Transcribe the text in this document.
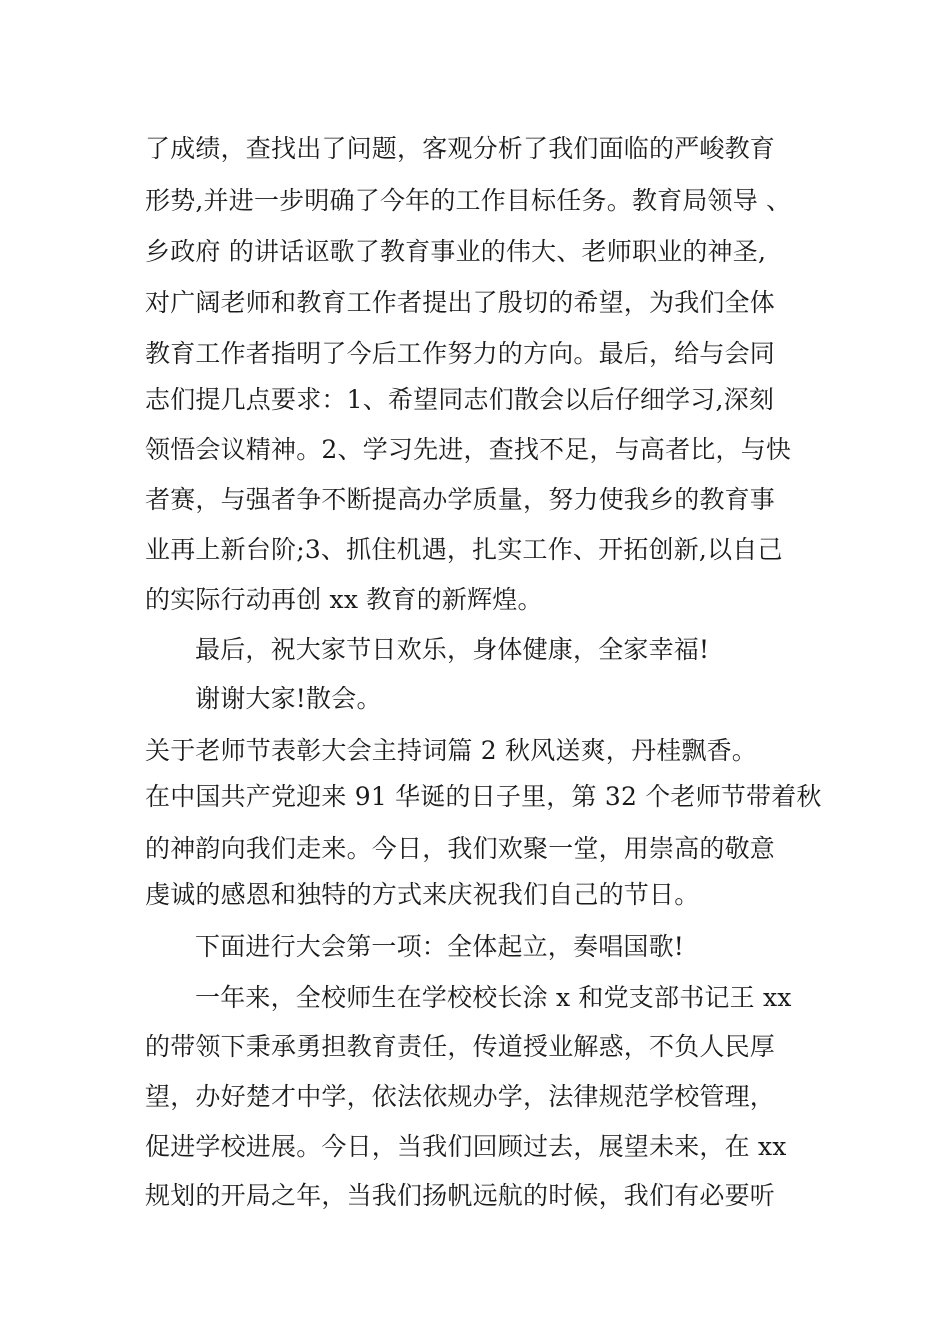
了成绩，查找出了问题，客观分析了我们面临的严峻教育
形势,并进一步明确了今年的工作目标任务。教育局领导 、
乡政府 的讲话讴歌了教育事业的伟大、老师职业的神圣,
对广阔老师和教育工作者提出了殷切的希望，为我们全体
教育工作者指明了今后工作努力的方向。最后，给与会同
志们提几点要求：1、希望同志们散会以后仔细学习,深刻
领悟会议精神。2、学习先进，查找不足，与高者比，与快
者赛，与强者争不断提高办学质量，努力使我乡的教育事
业再上新台阶;3、抓住机遇，扎实工作、开拓创新,以自己
的实际行动再创 xx 教育的新辉煌。
最后，祝大家节日欢乐，身体健康，全家幸福!
谢谢大家!散会。
关于老师节表彰大会主持词篇 2 秋风送爽，丹桂飘香。
在中国共产党迎来 91 华诞的日子里，第 32 个老师节带着秋
的神韵向我们走来。今日，我们欢聚一堂，用崇高的敬意
虔诚的感恩和独特的方式来庆祝我们自己的节日。
下面进行大会第一项：全体起立，奏唱国歌!
一年来，全校师生在学校校长涂 x 和党支部书记王 xx
的带领下秉承勇担教育责任，传道授业解惑，不负人民厚
望，办好楚才中学，依法依规办学，法律规范学校管理，
促进学校进展。今日，当我们回顾过去，展望未来，在 xx
规划的开局之年，当我们扬帆远航的时候，我们有必要听
